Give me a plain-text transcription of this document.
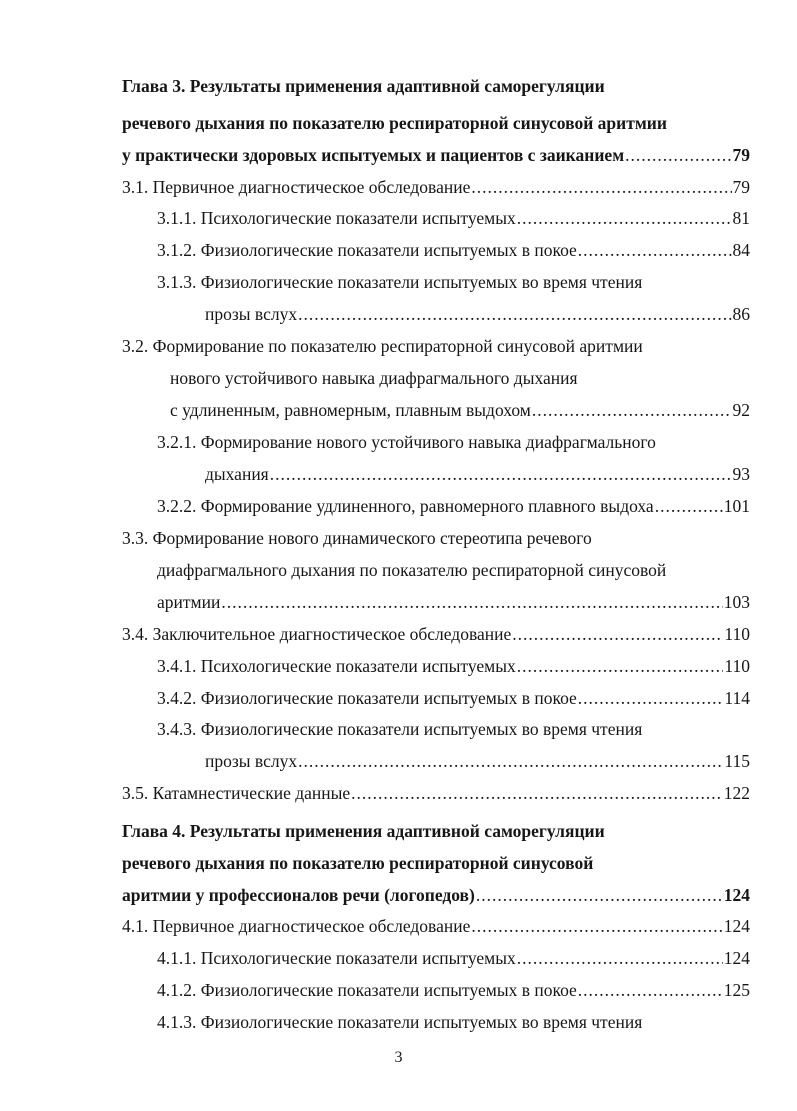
Глава 3. Результаты применения адаптивной саморегуляции
речевого дыхания по показателю респираторной синусовой аритмии
у практически здоровых испытуемых и пациентов с заиканием .....	79
3.1. Первичное диагностическое обследование .....	79
3.1.1. Психологические показатели испытуемых .....	81
3.1.2. Физиологические показатели испытуемых в покое .....	84
3.1.3. Физиологические показатели испытуемых во время чтения
прозы вслух .....	86
3.2. Формирование по показателю респираторной синусовой аритмии
нового устойчивого навыка диафрагмального дыхания
с удлиненным, равномерным, плавным выдохом .....	92
3.2.1. Формирование нового устойчивого навыка диафрагмального
дыхания .....	93
3.2.2. Формирование удлиненного, равномерного плавного выдоха .....	101
3.3. Формирование нового динамического стереотипа речевого
диафрагмального дыхания по показателю респираторной синусовой
аритмии .....	103
3.4. Заключительное диагностическое обследование .....	110
3.4.1. Психологические показатели испытуемых .....	110
3.4.2. Физиологические показатели испытуемых в покое .....	114
3.4.3. Физиологические показатели испытуемых во время чтения
прозы вслух .....	115
3.5. Катамнестические данные .....	122
Глава 4. Результаты применения адаптивной саморегуляции
речевого дыхания по показателю респираторной синусовой
аритмии у профессионалов речи (логопедов) .....	124
4.1. Первичное диагностическое обследование .....	124
4.1.1. Психологические показатели испытуемых .....	124
4.1.2. Физиологические показатели испытуемых в покое .....	125
4.1.3. Физиологические показатели испытуемых во время чтения
3
